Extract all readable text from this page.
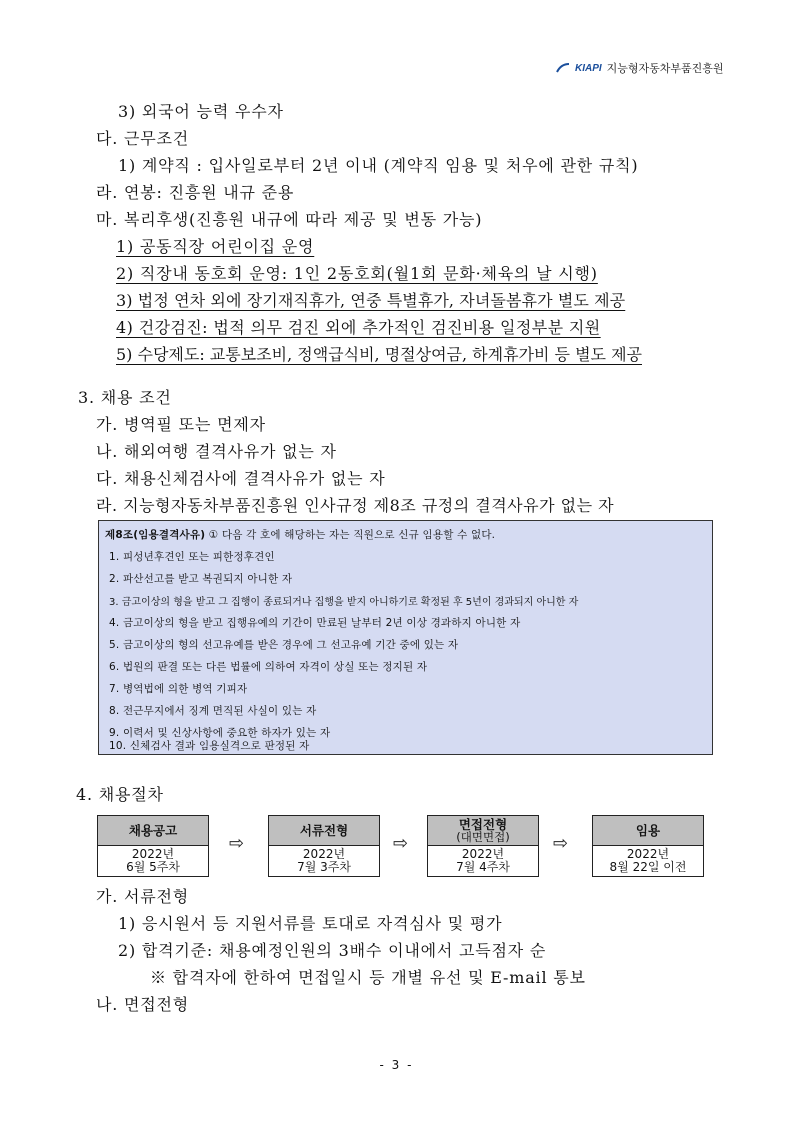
KIAPI 지능형자동차부품진흥원
3) 외국어 능력 우수자
다. 근무조건
1) 계약직 : 입사일로부터 2년 이내 (계약직 임용 및 처우에 관한 규칙)
라. 연봉: 진흥원 내규 준용
마. 복리후생(진흥원 내규에 따라 제공 및 변동 가능)
1) 공동직장 어린이집 운영
2) 직장내 동호회 운영: 1인 2동호회(월1회 문화·체육의 날 시행)
3) 법정 연차 외에 장기재직휴가, 연중 특별휴가, 자녀돌봄휴가 별도 제공
4) 건강검진: 법적 의무 검진 외에 추가적인 검진비용 일정부분 지원
5) 수당제도: 교통보조비, 정액급식비, 명절상여금, 하계휴가비 등 별도 제공
3. 채용 조건
가. 병역필 또는 면제자
나. 해외여행 결격사유가 없는 자
다. 채용신체검사에 결격사유가 없는 자
라. 지능형자동차부품진흥원 인사규정 제8조 규정의 결격사유가 없는 자
제8조(임용결격사유) ① 다음 각 호에 해당하는 자는 직원으로 신규 임용할 수 없다.
1. 피성년후견인 또는 피한정후견인
2. 파산선고를 받고 복권되지 아니한 자
3. 금고이상의 형을 받고 그 집행이 종료되거나 집행을 받지 아니하기로 확정된 후 5년이 경과되지 아니한 자
4. 금고이상의 형을 받고 집행유예의 기간이 만료된 날부터 2년 이상 경과하지 아니한 자
5. 금고이상의 형의 선고유예를 받은 경우에 그 선고유예 기간 중에 있는 자
6. 법원의 판결 또는 다른 법률에 의하여 자격이 상실 또는 정지된 자
7. 병역법에 의한 병역 기피자
8. 전근무지에서 징계 면직된 사실이 있는 자
9. 이력서 및 신상사항에 중요한 하자가 있는 자
10. 신체검사 결과 임용실격으로 판정된 자
4. 채용절차
채용공고
2022년
6월 5주차
⇨
서류전형
2022년
7월 3주차
⇨
면접전형
(대면면접)
2022년
7월 4주차
⇨
임용
2022년
8월 22일 이전
가. 서류전형
1) 응시원서 등 지원서류를 토대로 자격심사 및 평가
2) 합격기준: 채용예정인원의 3배수 이내에서 고득점자 순
※ 합격자에 한하여 면접일시 등 개별 유선 및 E-mail 통보
나. 면접전형
- 3 -
